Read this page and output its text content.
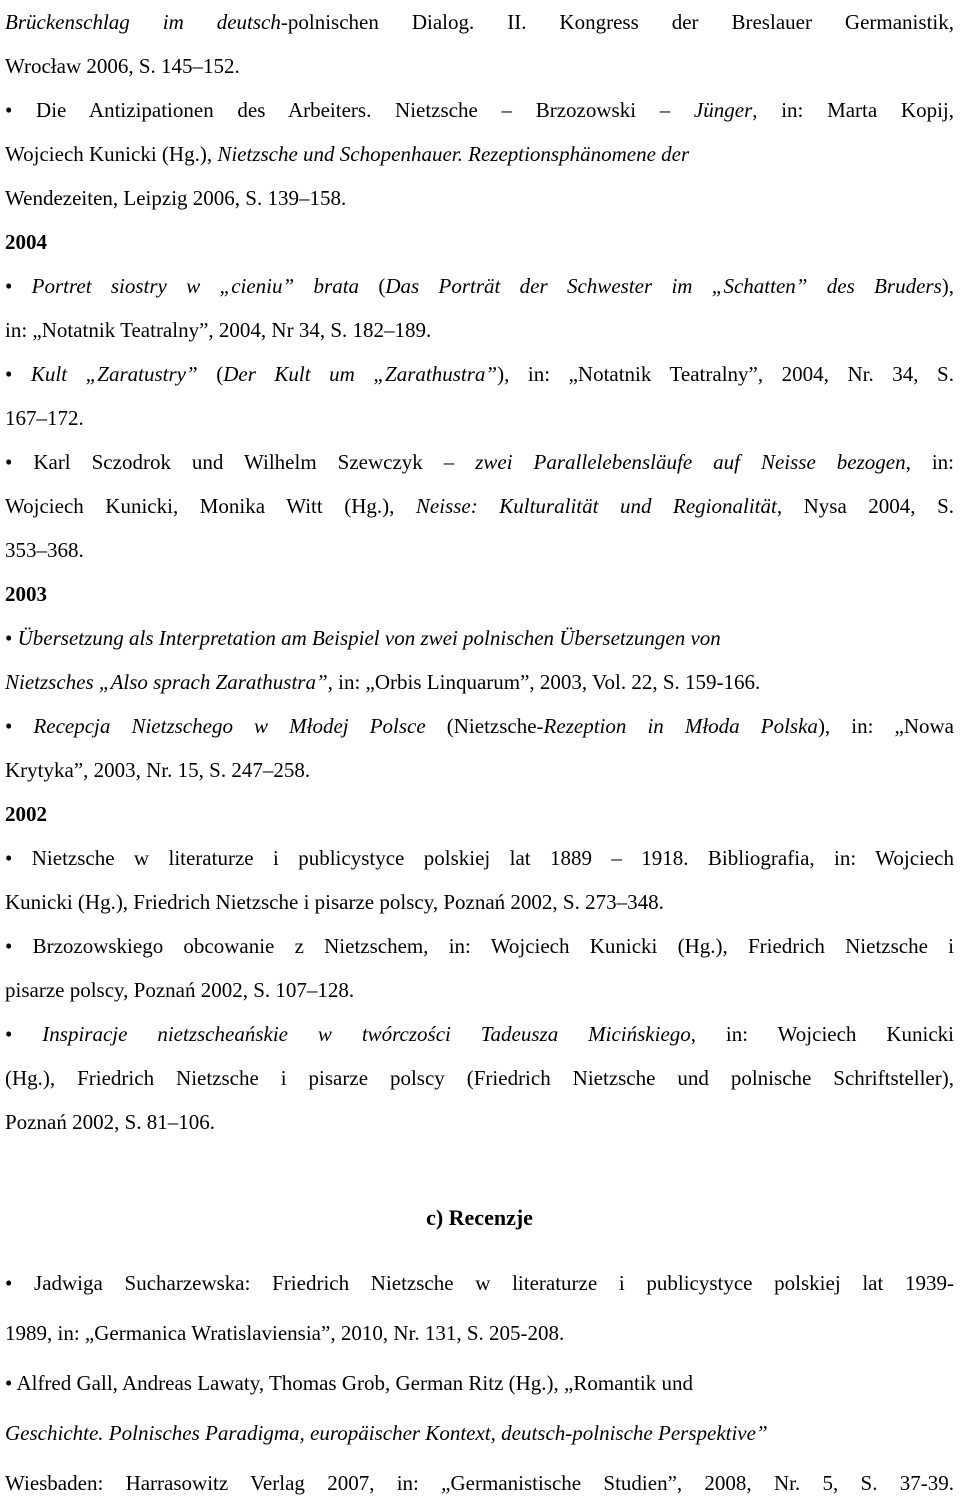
Brückenschlag im deutsch-polnischen Dialog. II. Kongress der Breslauer Germanistik,
Wrocław 2006, S. 145–152.
• Die Antizipationen des Arbeiters. Nietzsche – Brzozowski – Jünger, in: Marta Kopij,
Wojciech Kunicki (Hg.), Nietzsche und Schopenhauer. Rezeptionsphänomene der
Wendezeiten, Leipzig 2006, S. 139–158.
2004
• Portret siostry w „cieniu” brata (Das Porträt der Schwester im „Schatten” des Bruders),
in: „Notatnik Teatralny”, 2004, Nr 34, S. 182–189.
• Kult „Zaratustry” (Der Kult um „Zarathustra”), in: „Notatnik Teatralny”, 2004, Nr. 34, S.
167–172.
• Karl Sczodrok und Wilhelm Szewczyk – zwei Parallelebensläufe auf Neisse bezogen, in:
Wojciech Kunicki, Monika Witt (Hg.), Neisse: Kulturalität und Regionalität, Nysa 2004, S.
353–368.
2003
• Übersetzung als Interpretation am Beispiel von zwei polnischen Übersetzungen von
Nietzsches „Also sprach Zarathustra”, in: „Orbis Linquarum”, 2003, Vol. 22, S. 159-166.
• Recepcja Nietzschego w Młodej Polsce (Nietzsche-Rezeption in Młoda Polska), in: „Nowa
Krytyka”, 2003, Nr. 15, S. 247–258.
2002
• Nietzsche w literaturze i publicystyce polskiej lat 1889 – 1918. Bibliografia, in: Wojciech
Kunicki (Hg.), Friedrich Nietzsche i pisarze polscy, Poznań 2002, S. 273–348.
• Brzozowskiego obcowanie z Nietzschem, in: Wojciech Kunicki (Hg.), Friedrich Nietzsche i
pisarze polscy, Poznań 2002, S. 107–128.
• Inspiracje nietzscheańskie w twórczości Tadeusza Micińskiego, in: Wojciech Kunicki
(Hg.), Friedrich Nietzsche i pisarze polscy (Friedrich Nietzsche und polnische Schriftsteller),
Poznań 2002, S. 81–106.
c) Recenzje
• Jadwiga Sucharzewska: Friedrich Nietzsche w literaturze i publicystyce polskiej lat 1939-
1989, in: „Germanica Wratislaviensia”, 2010, Nr. 131, S. 205-208.
• Alfred Gall, Andreas Lawaty, Thomas Grob, German Ritz (Hg.), „Romantik und
Geschichte. Polnisches Paradigma, europäischer Kontext, deutsch-polnische Perspektive”
Wiesbaden: Harrasowitz Verlag 2007, in: „Germanistische Studien”, 2008, Nr. 5, S. 37-39.
